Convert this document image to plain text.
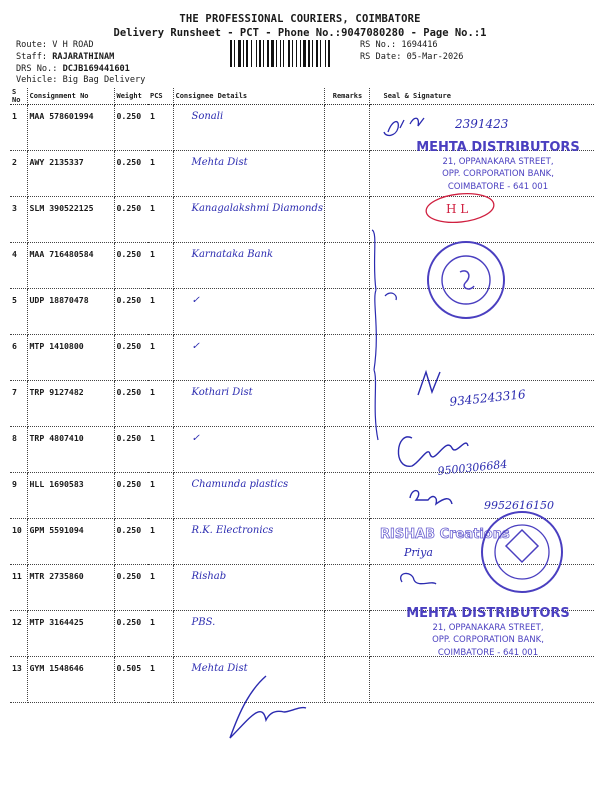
THE PROFESSIONAL COURIERS, COIMBATORE
Delivery Runsheet - PCT - Phone No.:9047080280 - Page No.:1
Route: V H ROAD
Staff: RAJARATHINAM
DRS No.: DCJB169441601
Vehicle: Big Bag Delivery
RS No.: 1694416
RS Date: 05-Mar-2026
S No	Consignment No	Weight	PCS	Consignee Details	Remarks	Seal & Signature
1	MAA 578601994	0.250	1	Sonali		
2	AWY 2135337	0.250	1	Mehta Dist		
3	SLM 390522125	0.250	1	Kanagalakshmi Diamonds		
4	MAA 716480584	0.250	1	Karnataka Bank		
5	UDP 18870478	0.250	1	✓		
6	MTP 1410800	0.250	1	✓		
7	TRP 9127482	0.250	1	Kothari Dist		
8	TRP 4807410	0.250	1	✓		
9	HLL 1690583	0.250	1	Chamunda plastics		
10	GPM 5591094	0.250	1	R.K. Electronics		
11	MTR 2735860	0.250	1	Rishab		
12	MTP 3164425	0.250	1	PBS.		
13	GYM 1548646	0.505	1	Mehta Dist		
2391423
MEHTA DISTRIBUTORS
21, OPPANAKARA STREET,
OPP. CORPORATION BANK,
COIMBATORE - 641 001
H L
9345243316
9500306684
9952616150
RISHAB Creations
Priya
MEHTA DISTRIBUTORS
21, OPPANAKARA STREET,
OPP. CORPORATION BANK,
COIMBATORE - 641 001
